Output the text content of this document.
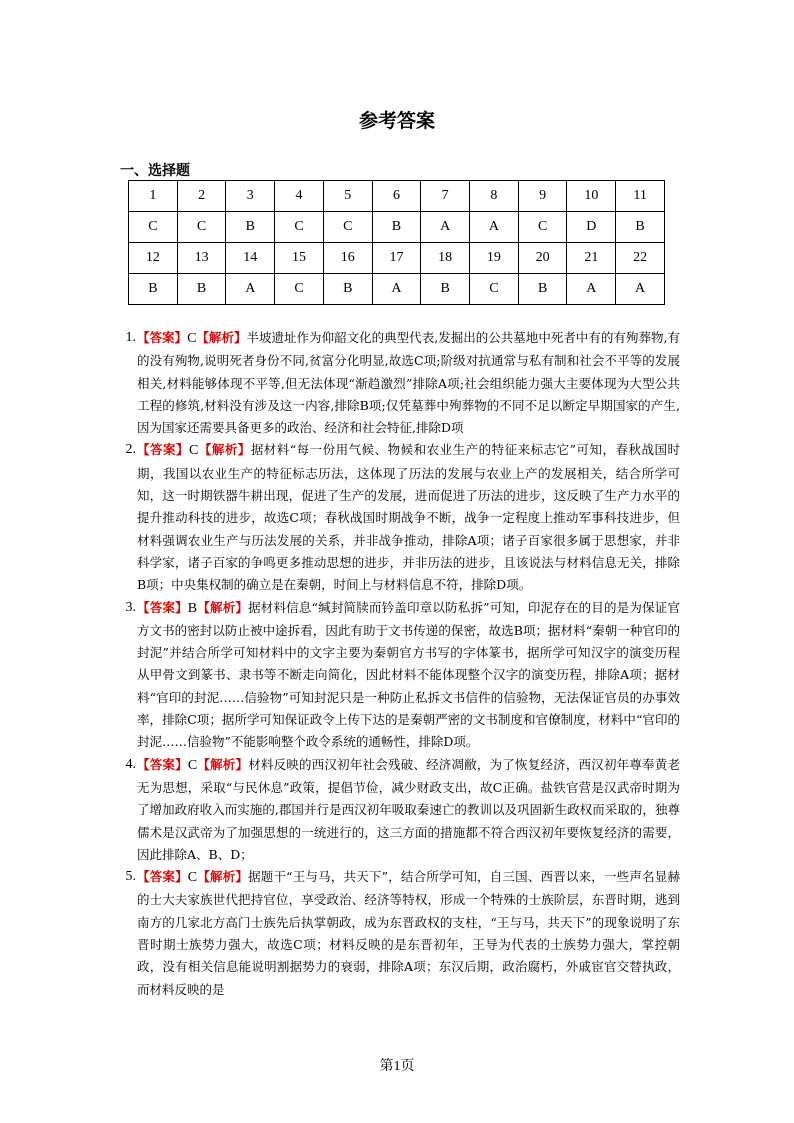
参考答案
一、选择题
1	2	3	4	5	6	7	8	9	10	11
C	C	B	C	C	B	A	A	C	D	B
12	13	14	15	16	17	18	19	20	21	22
B	B	A	C	B	A	B	C	B	A	A
1. 【答案】C【解析】半坡遗址作为仰韶文化的典型代表,发掘出的公共墓地中死者中有的有殉葬物,有的没有殉物,说明死者身份不同,贫富分化明显,故选C项;阶级对抗通常与私有制和社会不平等的发展相关,材料能够体现不平等,但无法体现“渐趋激烈”排除A项;社会组织能力强大主要体现为大型公共工程的修筑,材料没有涉及这一内容,排除B项;仅凭墓葬中殉葬物的不同不足以断定早期国家的产生,因为国家还需要具备更多的政治、经济和社会特征,排除D项
2. 【答案】C【解析】据材料“每一份用气候、物候和农业生产的特征来标志它”可知，春秋战国时期，我国以农业生产的特征标志历法，这体现了历法的发展与农业上产的发展相关，结合所学可知，这一时期铁器牛耕出现，促进了生产的发展，进而促进了历法的进步，这反映了生产力水平的提升推动科技的进步，故选C项；春秋战国时期战争不断，战争一定程度上推动军事科技进步，但材料强调农业生产与历法发展的关系，并非战争推动，排除A项；诸子百家很多属于思想家，并非科学家，诸子百家的争鸣更多推动思想的进步，并非历法的进步，且该说法与材料信息无关，排除B项；中央集权制的确立是在秦朝，时间上与材料信息不符，排除D项。
3. 【答案】B【解析】据材料信息“缄封简牍而钤盖印章以防私拆”可知，印泥存在的目的是为保证官方文书的密封以防止被中途拆看，因此有助于文书传递的保密，故选B项；据材料“秦朝一种官印的封泥”并结合所学可知材料中的文字主要为秦朝官方书写的字体篆书，据所学可知汉字的演变历程从甲骨文到篆书、隶书等不断走向简化，因此材料不能体现整个汉字的演变历程，排除A项；据材料“官印的封泥……信验物”可知封泥只是一种防止私拆文书信件的信验物，无法保证官员的办事效率，排除C项；据所学可知保证政令上传下达的是秦朝严密的文书制度和官僚制度，材料中“官印的封泥……信验物”不能影响整个政令系统的通畅性，排除D项。
4. 【答案】C【解析】材料反映的西汉初年社会残破、经济凋敝，为了恢复经济，西汉初年尊奉黄老无为思想，采取“与民休息”政策，提倡节俭，减少财政支出，故C正确。盐铁官营是汉武帝时期为了增加政府收入而实施的,郡国并行是西汉初年吸取秦速亡的教训以及巩固新生政权而采取的，独尊儒术是汉武帝为了加强思想的一统进行的，这三方面的措施都不符合西汉初年要恢复经济的需要，因此排除A、B、D；
5. 【答案】C【解析】据题干“王与马，共天下”，结合所学可知，自三国、西晋以来，一些声名显赫的士大夫家族世代把持官位，享受政治、经济等特权，形成一个特殊的士族阶层，东晋时期，逃到南方的几家北方高门士族先后执掌朝政，成为东晋政权的支柱，“王与马，共天下”的现象说明了东晋时期士族势力强大，故选C项；材料反映的是东晋初年，王导为代表的士族势力强大，掌控朝政，没有相关信息能说明割据势力的衰弱，排除A项；东汉后期，政治腐朽，外戚宦官交替执政，而材料反映的是
第1页
